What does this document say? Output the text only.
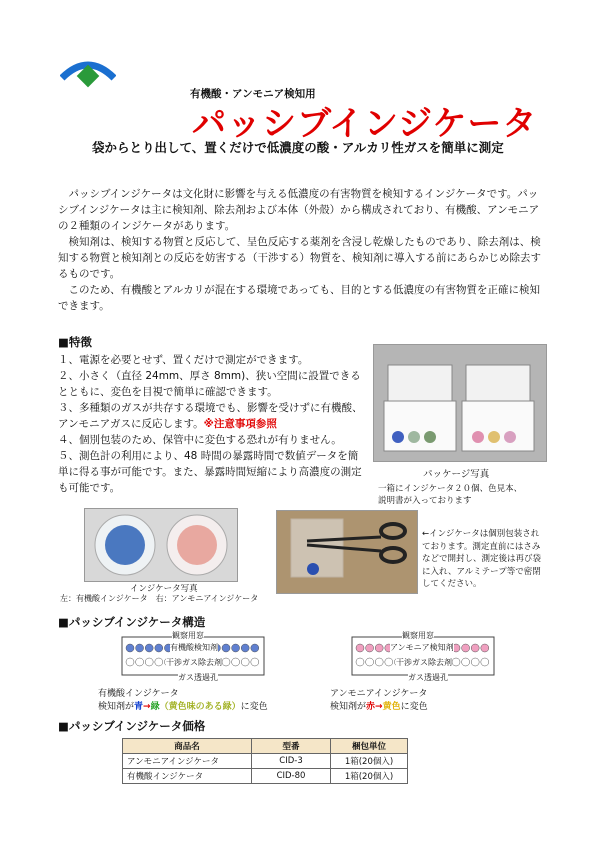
有機酸・アンモニア検知用
パッシブインジケータ
袋からとり出して、置くだけで低濃度の酸・アルカリ性ガスを簡単に測定

パッシブインジケータは文化財に影響を与える低濃度の有害物質を検知するインジケータです。パッシブインジケータは主に検知剤、除去剤および本体（外殻）から構成されており、有機酸、アンモニアの２種類のインジケータがあります。

検知剤は、検知する物質と反応して、呈色反応する薬剤を含浸し乾燥したものであり、除去剤は、検知する物質と検知剤との反応を妨害する（干渉する）物質を、検知剤に導入する前にあらかじめ除去するものです。

このため、有機酸とアルカリが混在する環境であっても、目的とする低濃度の有害物質を正確に検知できます。

■特徴

１、電源を必要とせず、置くだけで測定ができます。

２、小さく（直径 24mm、厚さ 8mm)、狭い空間に設置できるとともに、変色を目視で簡単に確認できます。

３、多種類のガスが共存する環境でも、影響を受けずに有機酸、アンモニアガスに反応します。※注意事項参照

４、個別包装のため、保管中に変色する恐れが有りません。

５、測色計の利用により、48 時間の暴露時間で数値データを簡単に得る事が可能です。また、暴露時間短縮により高濃度の測定も可能です。

パッケージ写真
一箱にインジケータ２０個、色見本、
説明書が入っております
インジケータ写真
左：有機酸インジケータ　右：アンモニアインジケータ
←インジケータは個別包装されております。測定直前にはさみなどで開封し、測定後は再び袋に入れ、アルミテープ等で密閉してください。
■パッシブインジケータ構造
観察用窓
有機酸検知剤
干渉ガス除去剤
ガス透過孔
観察用窓
アンモニア検知剤
干渉ガス除去剤
ガス透過孔
有機酸インジケータ
検知剤が青→緑（黄色味のある緑）に変色
アンモニアインジケータ
検知剤が赤→黄色に変色
■パッシブインジケータ価格
商品名	型番	梱包単位
アンモニアインジケータ	CID-3	1箱(20個入)
有機酸インジケータ	CID-80	1箱(20個入)
